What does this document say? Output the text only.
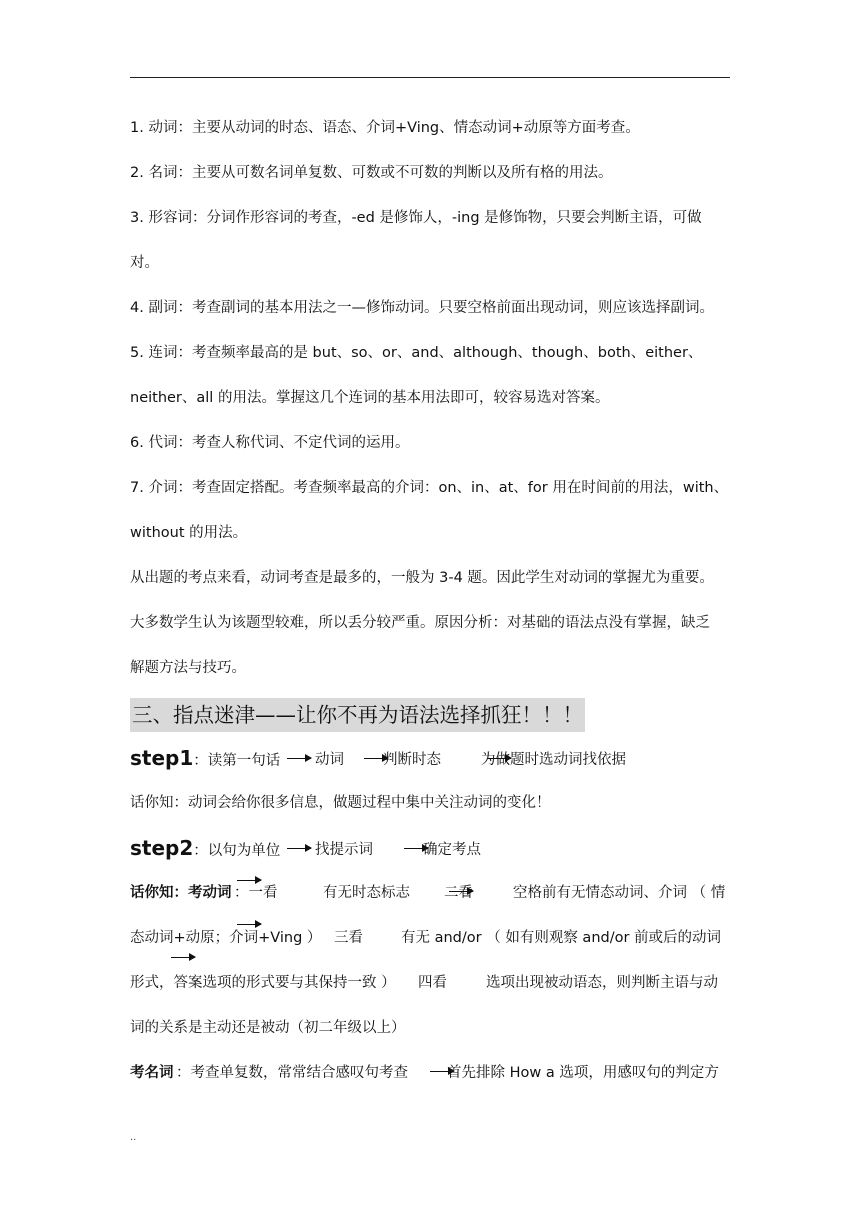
1. 动词：主要从动词的时态、语态、介词+Ving、情态动词+动原等方面考查。
2. 名词：主要从可数名词单复数、可数或不可数的判断以及所有格的用法。
3. 形容词：分词作形容词的考查，-ed 是修饰人，-ing 是修饰物，只要会判断主语，可做
对。
4. 副词：考查副词的基本用法之一—修饰动词。只要空格前面出现动词，则应该选择副词。
5. 连词：考查频率最高的是 but、so、or、and、although、though、both、either、
neither、all 的用法。掌握这几个连词的基本用法即可，较容易选对答案。
6. 代词：考查人称代词、不定代词的运用。
7. 介词：考查固定搭配。考查频率最高的介词：on、in、at、for 用在时间前的用法，with、
without 的用法。
从出题的考点来看，动词考查是最多的，一般为 3-4 题。因此学生对动词的掌握尤为重要。
大多数学生认为该题型较难，所以丢分较严重。原因分析：对基础的语法点没有掌握，缺乏
解题方法与技巧。
三、指点迷津——让你不再为语法选择抓狂！！！
step1：读第一句话 动词	判断时态	为做题时选动词找依据
话你知：动词会给你很多信息，做题过程中集中关注动词的变化！
step2：以句为单位 找提示词	确定考点
话你知：考动词 ：一看	有无时态标志 二看	空格前有无情态动词、介词 （ 情
态动词+动原；介词+Ving ） 三看	有无 and/or （ 如有则观察 and/or 前或后的动词
形式，答案选项的形式要与其保持一致 ） 四看	选项出现被动语态，则判断主语与动
词的关系是主动还是被动（初二年级以上）
考名词 ：考查单复数，常常结合感叹句考查	首先排除 How a 选项，用感叹句的判定方
..
